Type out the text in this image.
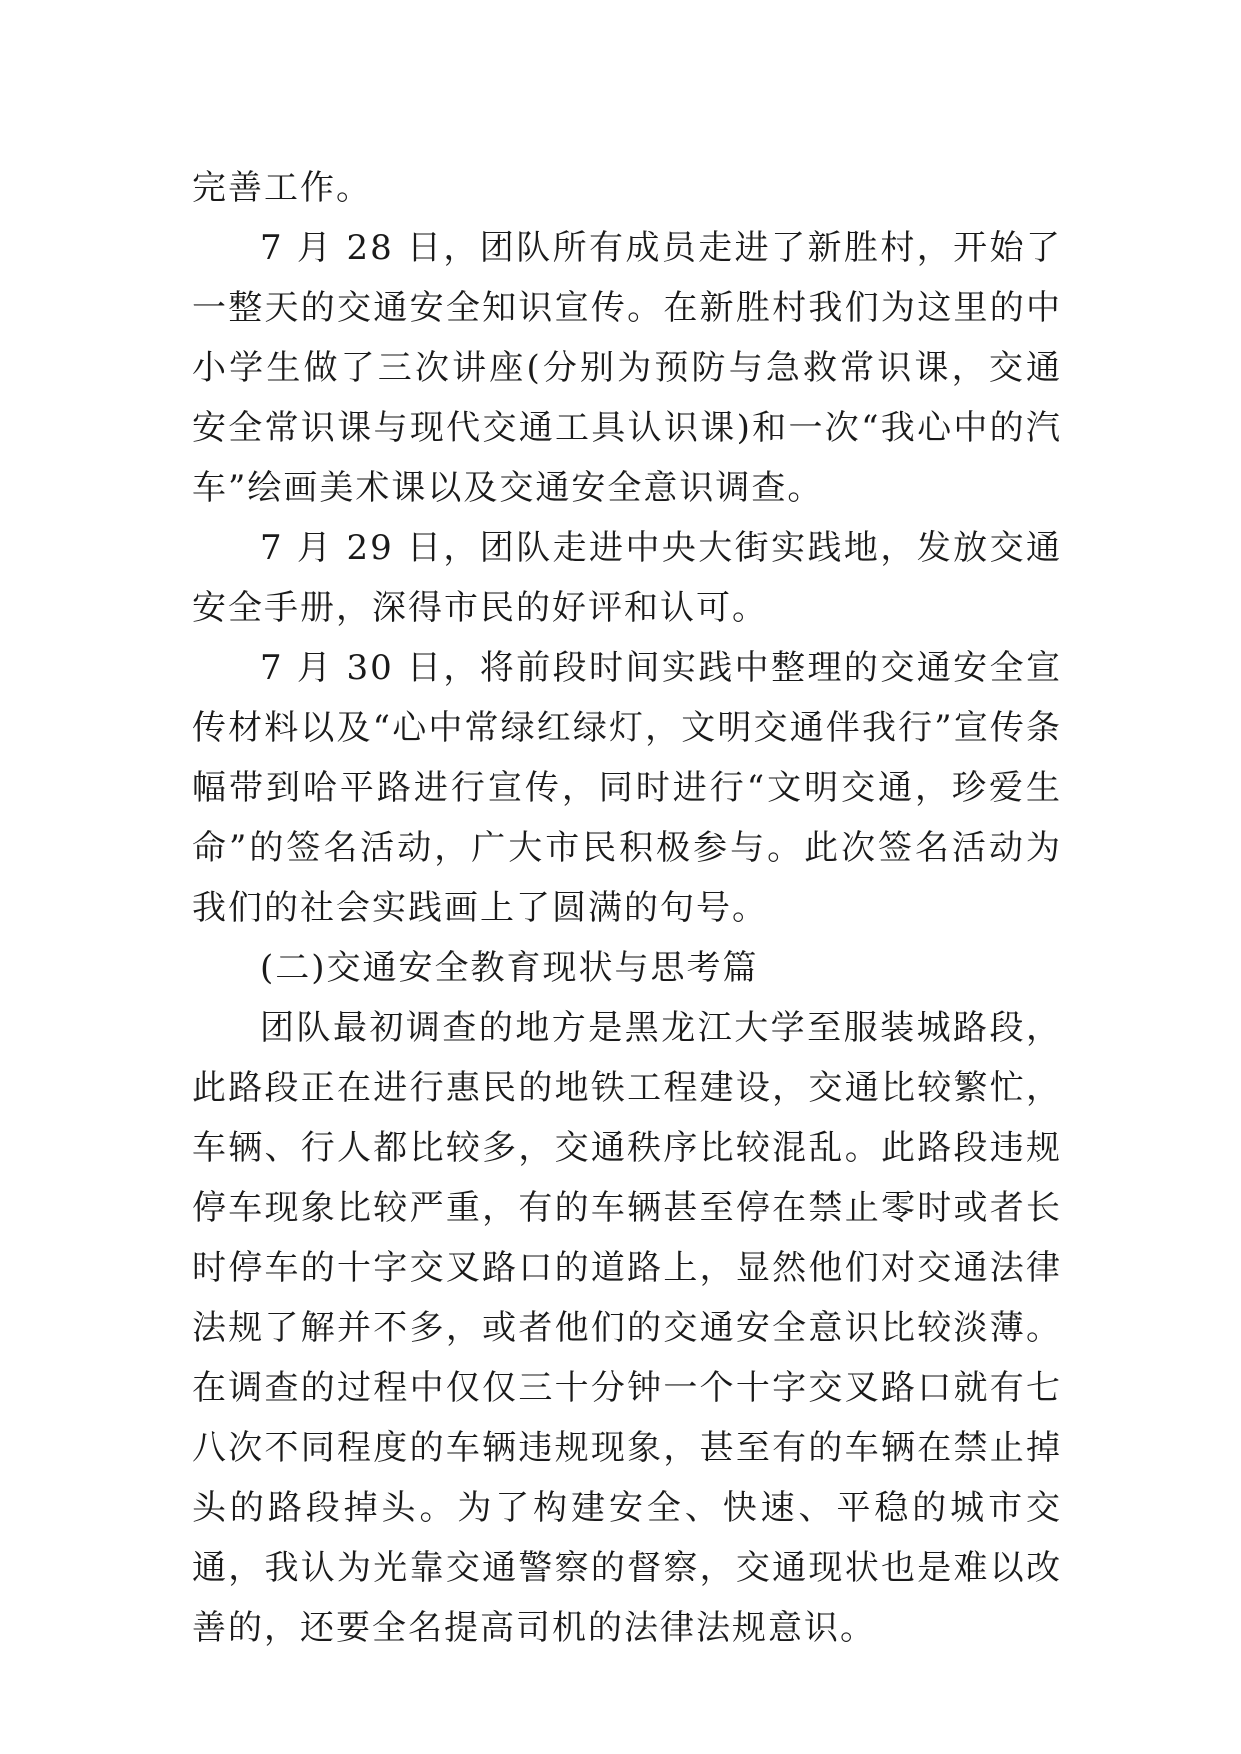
完善工作。

7 月 28 日，团队所有成员走进了新胜村，开始了一整天的交通安全知识宣传。在新胜村我们为这里的中小学生做了三次讲座(分别为预防与急救常识课，交通安全常识课与现代交通工具认识课)和一次“我心中的汽车”绘画美术课以及交通安全意识调查。

7 月 29 日，团队走进中央大街实践地，发放交通安全手册，深得市民的好评和认可。

7 月 30 日，将前段时间实践中整理的交通安全宣传材料以及“心中常绿红绿灯，文明交通伴我行”宣传条幅带到哈平路进行宣传，同时进行“文明交通，珍爱生命”的签名活动，广大市民积极参与。此次签名活动为我们的社会实践画上了圆满的句号。

(二)交通安全教育现状与思考篇

团队最初调查的地方是黑龙江大学至服装城路段，此路段正在进行惠民的地铁工程建设，交通比较繁忙，车辆、行人都比较多，交通秩序比较混乱。此路段违规停车现象比较严重，有的车辆甚至停在禁止零时或者长时停车的十字交叉路口的道路上，显然他们对交通法律法规了解并不多，或者他们的交通安全意识比较淡薄。在调查的过程中仅仅三十分钟一个十字交叉路口就有七八次不同程度的车辆违规现象，甚至有的车辆在禁止掉头的路段掉头。为了构建安全、快速、平稳的城市交通，我认为光靠交通警察的督察，交通现状也是难以改善的，还要全名提高司机的法律法规意识。
